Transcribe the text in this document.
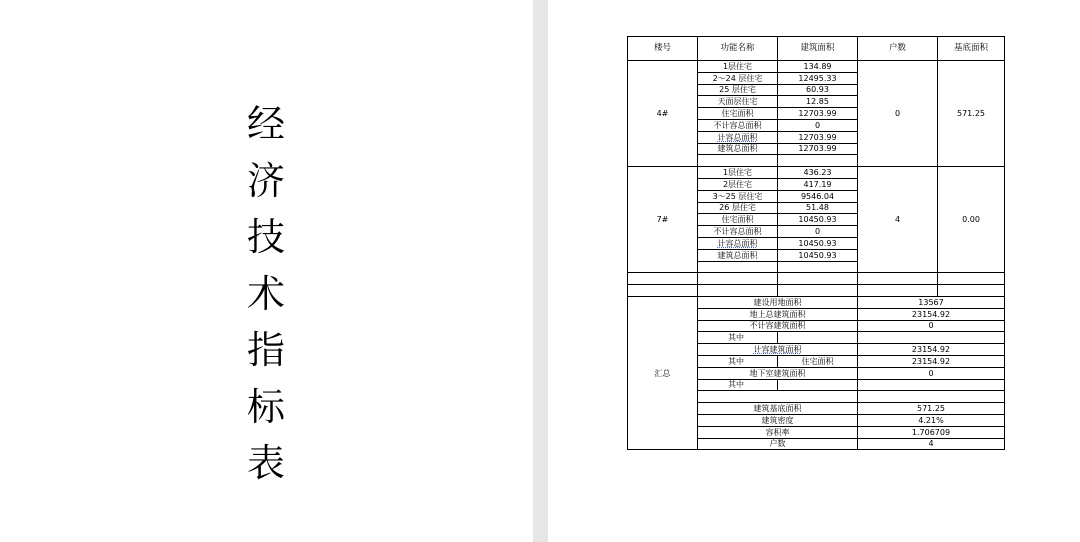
经
济
技
术
指
标
表
楼号	功能名称	建筑面积	户数	基底面积
4#	1层住宅	134.89	0	571.25
	2～24 层住宅	12495.33		
	25 层住宅	60.93		
	天面层住宅	12.85		
	住宅面积	12703.99		
	不计容总面积	0		
	计容总面积	12703.99		
	建筑总面积	12703.99		

7#	1层住宅	436.23	4	0.00
	2层住宅	417.19		
	3～25 层住宅	9546.04		
	26 层住宅	51.48		
	住宅面积	10450.93		
	不计容总面积	0		
	计容总面积	10450.93		
	建筑总面积	10450.93		

汇总	建设用地面积		13567	
	地上总建筑面积		23154.92	
	不计容建筑面积		0	
	其中			
	计容建筑面积		23154.92	
	其中	住宅面积	23154.92	
	地下室建筑面积		0	
	其中			

	建筑基底面积		571.25	
	建筑密度		4.21%	
	容积率		1.706709	
	户数		4	
